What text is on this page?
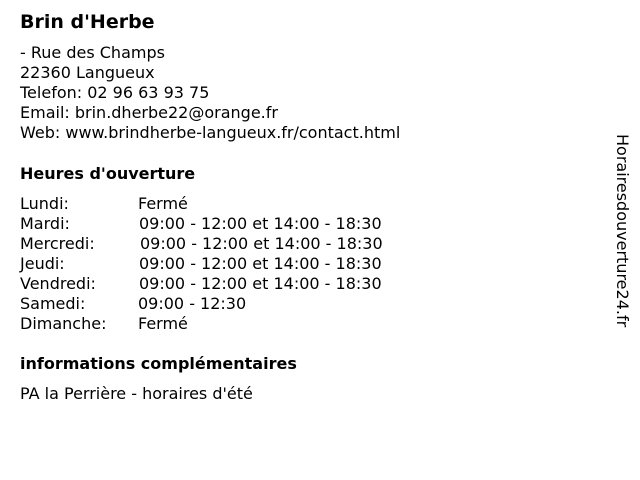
Brin d'Herbe
- Rue des Champs
22360 Langueux
Telefon: 02 96 63 93 75
Email: brin.dherbe22@orange.fr
Web: www.brindherbe-langueux.fr/contact.html
Heures d'ouverture
Lundi:	Fermé
Mardi:	09:00 - 12:00 et 14:00 - 18:30
Mercredi:	09:00 - 12:00 et 14:00 - 18:30
Jeudi:	09:00 - 12:00 et 14:00 - 18:30
Vendredi:	09:00 - 12:00 et 14:00 - 18:30
Samedi:	09:00 - 12:30
Dimanche: Fermé
informations complémentaires
PA la Perrière - horaires d'été
Horairesdouverture24.fr
